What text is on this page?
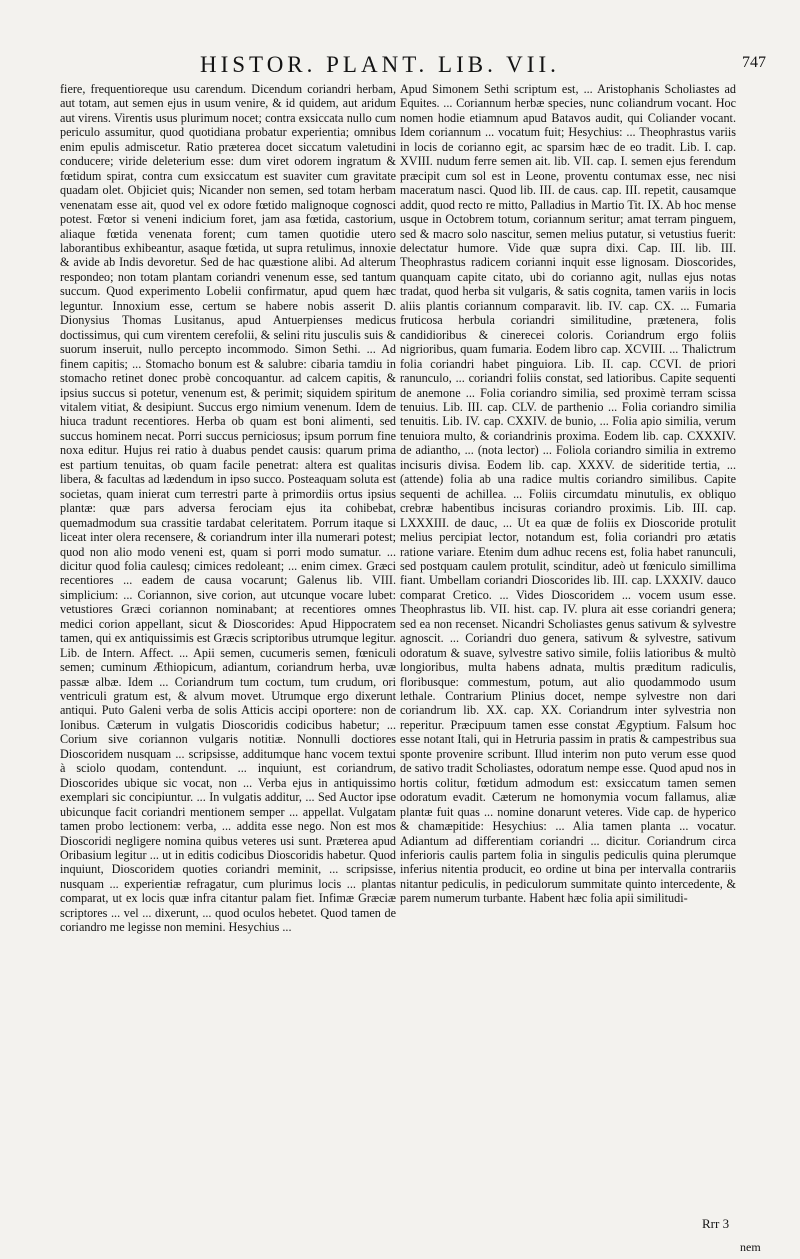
HISTOR. PLANT. LIB. VII.	747

fiere, frequentioreque usu carendum. Dicendum coriandri herbam, aut totam, aut semen ejus in usum venire, & id quidem, aut aridum aut virens. Virentis usus plurimum nocet; contra exsiccata nullo cum periculo assumitur, quod quotidiana probatur experientia; omnibus enim epulis admiscetur. Ratio præterea docet siccatum valetudini conducere; viride deleterium esse: dum viret odorem ingratum & fœtidum spirat, contra cum exsiccatum est suaviter cum gravitate quadam olet. Objiciet quis; Nicander non semen, sed totam herbam venenatam esse ait, quod vel ex odore fœtido malignoque cognosci potest. Fœtor si veneni indicium foret, jam asa fœtida, castorium, aliaque fœtida venenata forent; cum tamen quotidie utero laborantibus exhibeantur, asaque fœtida, ut supra retulimus, innoxie & avide ab Indis devoretur. Sed de hac quæstione alibi. Ad alterum respondeo; non totam plantam coriandri venenum esse, sed tantum succum. Quod experimento Lobelii confirmatur, apud quem hæc leguntur. Innoxium esse, certum se habere nobis asserit D. Dionysius Thomas Lusitanus, apud Antuerpienses medicus doctissimus, qui cum virentem cerefolii, & selini ritu jusculis suis & suorum inseruit, nullo percepto incommodo. Simon Sethi. ... Ad finem capitis; ... Stomacho bonum est & salubre: cibaria tamdiu in stomacho retinet donec probè concoquantur. ad calcem capitis, & ipsius succus si potetur, venenum est, & perimit; siquidem spiritum vitalem vitiat, & desipiunt. Succus ergo nimium venenum. Idem de hiuca tradunt recentiores. Herba ob quam est boni alimenti, sed succus hominem necat. Porri succus perniciosus; ipsum porrum fine noxa editur. Hujus rei ratio à duabus pendet causis: quarum prima est partium tenuitas, ob quam facile penetrat: altera est qualitas libera, & facultas ad lædendum in ipso succo. Posteaquam soluta est societas, quam inierat cum terrestri parte à primordiis ortus ipsius plantæ: quæ pars adversa ferociam ejus ita cohibebat, quemadmodum sua crassitie tardabat celeritatem. Porrum itaque si liceat inter olera recensere, & coriandrum inter illa numerari potest; quod non alio modo veneni est, quam si porri modo sumatur. ... dicitur quod folia caulesq; cimices redoleant; ... enim cimex. Græci recentiores ... eadem de causa vocarunt; Galenus lib. VIII. simplicium: ... Coriannon, sive corion, aut utcunque vocare lubet: vetustiores Græci coriannon nominabant; at recentiores omnes medici corion appellant, sicut & Dioscorides: Apud Hippocratem tamen, qui ex antiquissimis est Græcis scriptoribus utrumque legitur. Lib. de Intern. Affect. ... Apii semen, cucumeris semen, fœniculi semen; cuminum Æthiopicum, adiantum, coriandrum herba, uvæ passæ albæ. Idem ... Coriandrum tum coctum, tum crudum, ori ventriculi gratum est, & alvum movet. Utrumque ergo dixerunt antiqui. Puto Galeni verba de solis Atticis accipi oportere: non de Ionibus. Cæterum in vulgatis Dioscoridis codicibus habetur; ... Corium sive coriannon vulgaris notitiæ. Nonnulli doctiores Dioscoridem nusquam ... scripsisse, additumque hanc vocem textui à sciolo quodam, contendunt. ... inquiunt, est coriandrum, Dioscorides ubique sic vocat, non ... Verba ejus in antiquissimo exemplari sic concipiuntur. ... In vulgatis additur, ... Sed Auctor ipse ubicunque facit coriandri mentionem semper ... appellat. Vulgatam tamen probo lectionem: verba, ... addita esse nego. Non est mos Dioscoridi negligere nomina quibus veteres usi sunt. Præterea apud Oribasium legitur ... ut in editis codicibus Dioscoridis habetur. Quod inquiunt, Dioscoridem quoties coriandri meminit, ... scripsisse, nusquam ... experientiæ refragatur, cum plurimus locis ... plantas comparat, ut ex locis quæ infra citantur palam fiet. Infimæ Græciæ scriptores ... vel ... dixerunt, ... quod oculos hebetet. Quod tamen de coriandro me legisse non memini. Hesychius ...

Apud Simonem Sethi scriptum est, ... Aristophanis Scholiastes ad Equites. ... Coriannum herbæ species, nunc coliandrum vocant. Hoc nomen hodie etiamnum apud Batavos audit, qui Coliander vocant. Idem coriannum ... vocatum fuit; Hesychius: ... Theophrastus variis in locis de corianno egit, ac sparsim hæc de eo tradit. Lib. I. cap. XVIII. nudum ferre semen ait. lib. VII. cap. I. semen ejus ferendum præcipit cum sol est in Leone, proventu contumax esse, nec nisi maceratum nasci. Quod lib. III. de caus. cap. III. repetit, causamque addit, quod recto re mitto, Palladius in Martio Tit. IX. Ab hoc mense usque in Octobrem totum, coriannum seritur; amat terram pinguem, sed & macro solo nascitur, semen melius putatur, si vetustius fuerit: delectatur humore. Vide quæ supra dixi. Cap. III. lib. III. Theophrastus radicem corianni inquit esse lignosam. Dioscorides, quanquam capite citato, ubi do corianno agit, nullas ejus notas tradat, quod herba sit vulgaris, & satis cognita, tamen variis in locis aliis plantis coriannum comparavit. lib. IV. cap. CX. ... Fumaria fruticosa herbula coriandri similitudine, prætenera, folis candidioribus & cinerecei coloris. Coriandrum ergo foliis nigrioribus, quam fumaria. Eodem libro cap. XCVIII. ... Thalictrum folia coriandri habet pinguiora. Lib. II. cap. CCVI. de priori ranunculo, ... coriandri foliis constat, sed latioribus. Capite sequenti de anemone ... Folia coriandro similia, sed proximè terram scissa tenuius. Lib. III. cap. CLV. de parthenio ... Folia coriandro similia tenuitis. Lib. IV. cap. CXXIV. de bunio, ... Folia apio similia, verum tenuiora multo, & coriandrinis proxima. Eodem lib. cap. CXXXIV. de adiantho, ... (nota lector) ... Foliola coriandro similia in extremo incisuris divisa. Eodem lib. cap. XXXV. de sideritide tertia, ... (attende) folia ab una radice multis coriandro similibus. Capite sequenti de achillea. ... Foliis circumdatu minutulis, ex obliquo crebræ habentibus incisuras coriandro proximis. Lib. III. cap. LXXXIII. de dauc, ... Ut ea quæ de foliis ex Dioscoride protulit melius percipiat lector, notandum est, folia coriandri pro ætatis ratione variare. Etenim dum adhuc recens est, folia habet ranunculi, sed postquam caulem protulit, scinditur, adeò ut fœniculo simillima fiant. Umbellam coriandri Dioscorides lib. III. cap. LXXXIV. dauco comparat Cretico. ... Vides Dioscoridem ... vocem usum esse. Theophrastus lib. VII. hist. cap. IV. plura ait esse coriandri genera; sed ea non recenset. Nicandri Scholiastes genus sativum & sylvestre agnoscit. ... Coriandri duo genera, sativum & sylvestre, sativum odoratum & suave, sylvestre sativo simile, foliis latioribus & multò longioribus, multa habens adnata, multis præditum radiculis, floribusque: commestum, potum, aut alio quodammodo usum lethale. Contrarium Plinius docet, nempe sylvestre non dari coriandrum lib. XX. cap. XX. Coriandrum inter sylvestria non reperitur. Præcipuum tamen esse constat Ægyptium. Falsum hoc esse notant Itali, qui in Hetruria passim in pratis & campestribus sua sponte provenire scribunt. Illud interim non puto verum esse quod de sativo tradit Scholiastes, odoratum nempe esse. Quod apud nos in hortis colitur, fœtidum admodum est: exsiccatum tamen semen odoratum evadit. Cæterum ne homonymia vocum fallamus, aliæ plantæ fuit quas ... nomine donarunt veteres. Vide cap. de hyperico & chamæpitide: Hesychius: ... Alia tamen planta ... vocatur. Adiantum ad differentiam coriandri ... dicitur. Coriandrum circa inferioris caulis partem folia in singulis pediculis quina plerumque inferius nitentia producit, eo ordine ut bina per intervalla contrariis nitantur pediculis, in pediculorum summitate quinto intercedente, & parem numerum turbante. Habent hæc folia apii similitudi-

Rrr 3
nem
